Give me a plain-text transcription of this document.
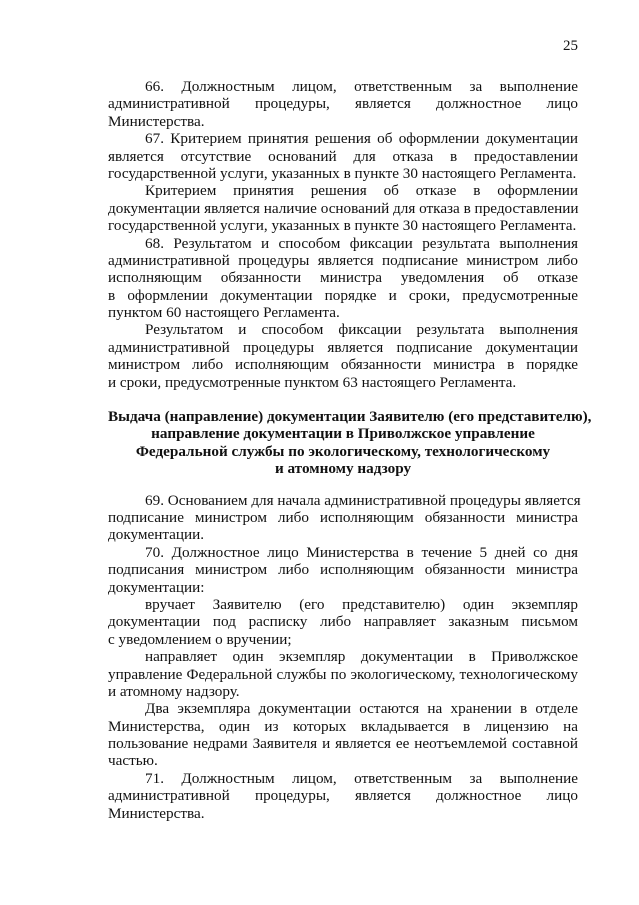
25
66. Должностным лицом, ответственным за выполнение
административной процедуры, является должностное лицо
Министерства.
67. Критерием принятия решения об оформлении документации
является отсутствие оснований для отказа в предоставлении
государственной услуги, указанных в пункте 30 настоящего Регламента.
Критерием принятия решения об отказе в оформлении
документации является наличие оснований для отказа в предоставлении
государственной услуги, указанных в пункте 30 настоящего Регламента.
68. Результатом и способом фиксации результата выполнения
административной процедуры является подписание министром либо
исполняющим обязанности министра уведомления об отказе
в оформлении документации порядке и сроки, предусмотренные
пунктом 60 настоящего Регламента.
Результатом и способом фиксации результата выполнения
административной процедуры является подписание документации
министром либо исполняющим обязанности министра в порядке
и сроки, предусмотренные пунктом 63 настоящего Регламента.
Выдача (направление) документации Заявителю (его представителю),
направление документации в Приволжское управление
Федеральной службы по экологическому, технологическому
и атомному надзору
69. Основанием для начала административной процедуры является
подписание министром либо исполняющим обязанности министра
документации.
70. Должностное лицо Министерства в течение 5 дней со дня
подписания министром либо исполняющим обязанности министра
документации:
вручает Заявителю (его представителю) один экземпляр
документации под расписку либо направляет заказным письмом
с уведомлением о вручении;
направляет один экземпляр документации в Приволжское
управление Федеральной службы по экологическому, технологическому
и атомному надзору.
Два экземпляра документации остаются на хранении в отделе
Министерства, один из которых вкладывается в лицензию на
пользование недрами Заявителя и является ее неотъемлемой составной
частью.
71. Должностным лицом, ответственным за выполнение
административной процедуры, является должностное лицо
Министерства.
